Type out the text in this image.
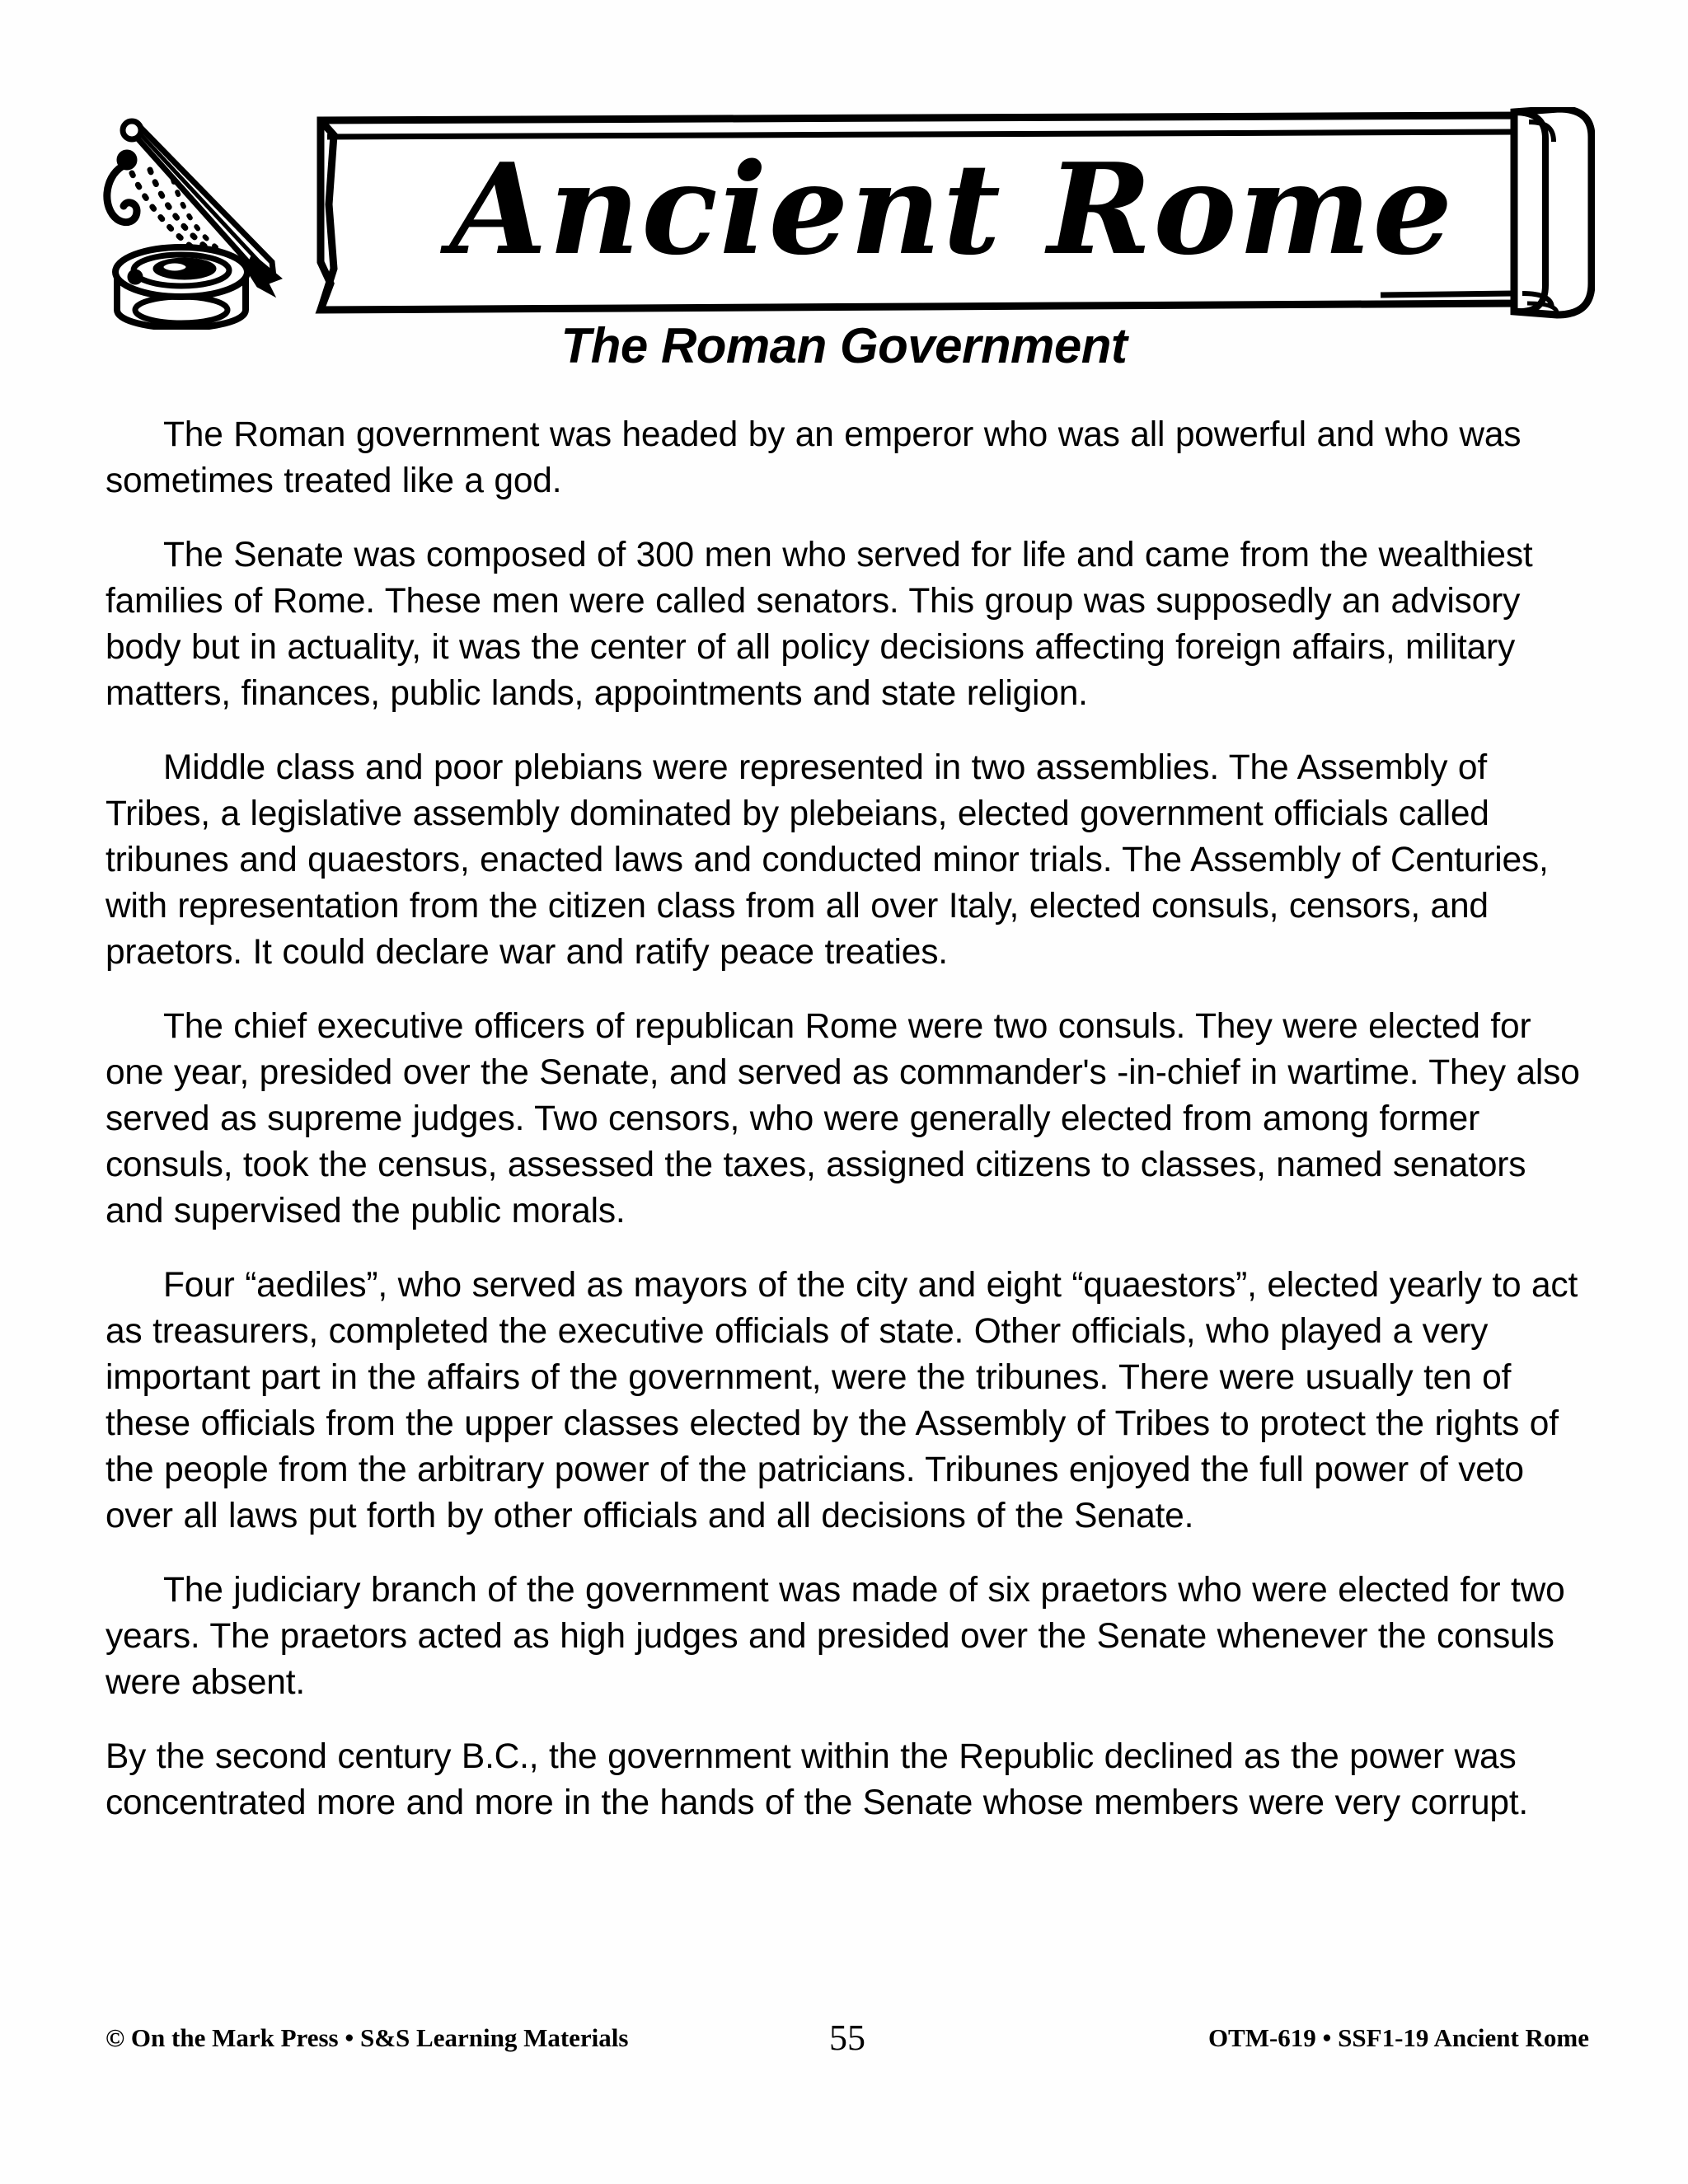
Ancient Rome
The Roman Government

The Roman government was headed by an emperor who was all powerful and who was sometimes treated like a god.

The Senate was composed of 300 men who served for life and came from the wealthiest families of Rome. These men were called senators. This group was supposedly an advisory body but in actuality, it was the center of all policy decisions affecting foreign affairs, military matters, finances, public lands, appointments and state religion.

Middle class and poor plebians were represented in two assemblies. The Assembly of Tribes, a legislative assembly dominated by plebeians, elected government officials called tribunes and quaestors, enacted laws and conducted minor trials. The Assembly of Centuries, with representation from the citizen class from all over Italy, elected consuls, censors, and praetors. It could declare war and ratify peace treaties.

The chief executive officers of republican Rome were two consuls. They were elected for one year, presided over the Senate, and served as commander's -in-chief in wartime. They also served as supreme judges. Two censors, who were generally elected from among former consuls, took the census, assessed the taxes, assigned citizens to classes, named senators and supervised the public morals.

Four “aediles”, who served as mayors of the city and eight “quaestors”, elected yearly to act as treasurers, completed the executive officials of state. Other officials, who played a very important part in the affairs of the government, were the tribunes. There were usually ten of these officials from the upper classes elected by the Assembly of Tribes to protect the rights of the people from the arbitrary power of the patricians. Tribunes enjoyed the full power of veto over all laws put forth by other officials and all decisions of the Senate.

The judiciary branch of the government was made of six praetors who were elected for two years. The praetors acted as high judges and presided over the Senate whenever the consuls were absent.

By the second century B.C., the government within the Republic declined as the power was concentrated more and more in the hands of the Senate whose members were very corrupt.

© On the Mark Press • S&S Learning Materials	55	OTM-619 • SSF1-19 Ancient Rome
